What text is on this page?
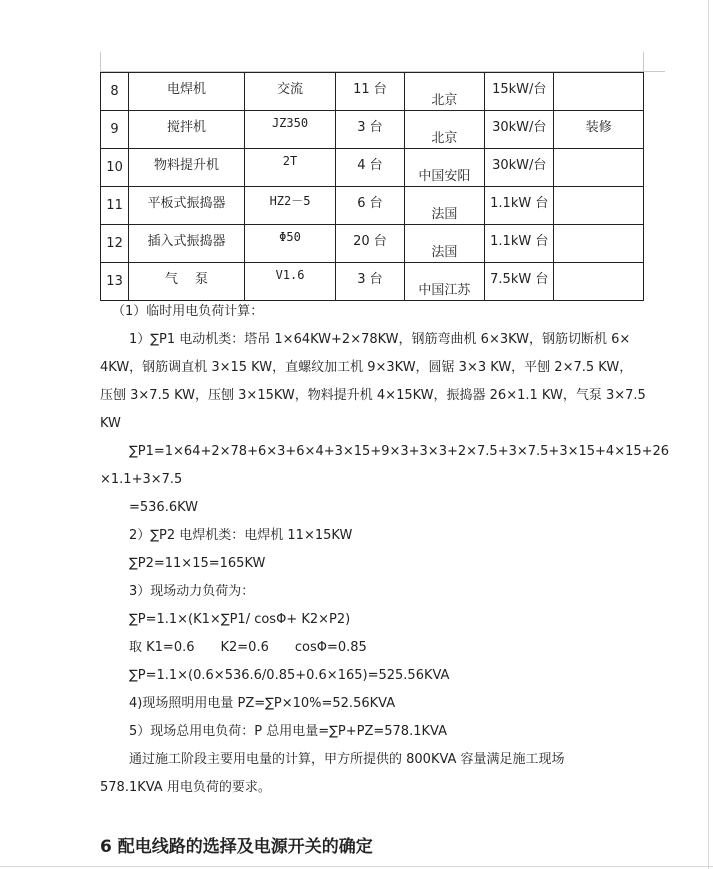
8	电焊机	交流	11 台	北京	15kW/台	
9	搅拌机	JZ350	3 台	北京	30kW/台	装修
10	物料提升机	2T	4 台	中国安阳	30kW/台	
11	平板式振捣器	HZ2－5	6 台	法国	1.1kW 台	
12	插入式振捣器	Φ50	20 台	法国	1.1kW 台	
13	气　 泵	V1.6	3 台	中国江苏	7.5kW 台	
（1）临时用电负荷计算：
1）∑P1 电动机类：塔吊 1×64KW+2×78KW，钢筋弯曲机 6×3KW，钢筋切断机 6×
4KW，钢筋调直机 3×15 KW，直螺纹加工机 9×3KW，圆锯 3×3 KW，平刨 2×7.5 KW，
压刨 3×7.5 KW，压刨 3×15KW，物料提升机 4×15KW，振捣器 26×1.1 KW，气泵 3×7.5
KW
∑P1=1×64+2×78+6×3+6×4+3×15+9×3+3×3+2×7.5+3×7.5+3×15+4×15+26
×1.1+3×7.5
=536.6KW
2）∑P2 电焊机类：电焊机 11×15KW
∑P2=11×15=165KW
3）现场动力负荷为：
∑P=1.1×(K1×∑P1/ cosΦ+ K2×P2)
取 K1=0.6　　K2=0.6　　cosΦ=0.85
∑P=1.1×(0.6×536.6/0.85+0.6×165)=525.56KVA
4)现场照明用电量 PZ=∑P×10%=52.56KVA
5）现场总用电负荷：P 总用电量=∑P+PZ=578.1KVA
通过施工阶段主要用电量的计算，甲方所提供的 800KVA 容量满足施工现场
578.1KVA 用电负荷的要求。
6 配电线路的选择及电源开关的确定
